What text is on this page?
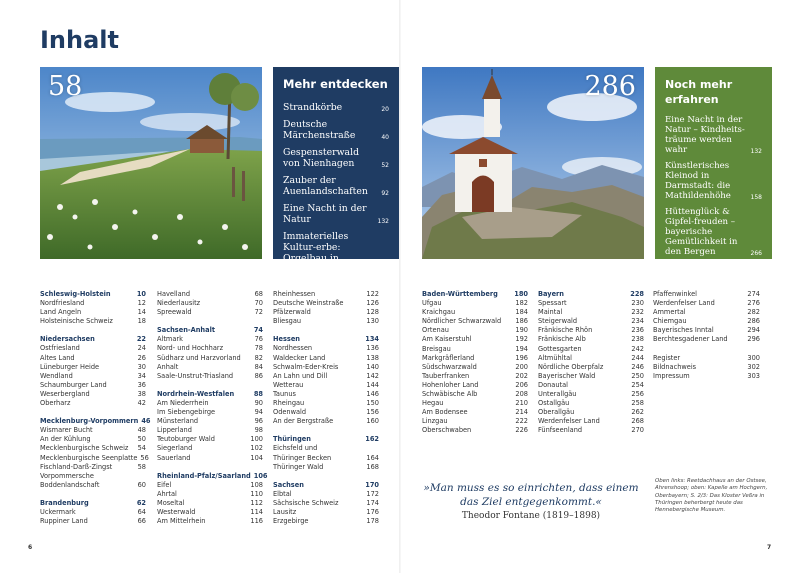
Inhalt
58	Mehr entdecken
Strandkörbe	20
Deutsche Märchenstraße	40
Gespensterwald von Nienhagen	52
Zauber der Auenlandschaften	92
Eine Nacht in der Natur	132
Immaterielles Kultur-erbe: Orgelbau in Deutschland	280
286	Noch mehr erfahren
Eine Nacht in der Natur – Kindheits-träume werden wahr	132
Künstlerisches Kleinod in Darmstadt: die Mathildenhöhe	158
Hüttenglück & Gipfel-freuden – bayerische Gemütlichkeit in den Bergen	266
Schleswig-Holstein	10
Nordfriesland	12
Land Angeln	14
Holsteinische Schweiz	18
Niedersachsen	22
Ostfriesland	24
Altes Land	26
Lüneburger Heide	30
Wendland	34
Schaumburger Land	36
Weserbergland	38
Oberharz	42
Mecklenburg-Vorpommern 46
Wismarer Bucht	48
An der Kühlung	50
Mecklenburgische Schweiz 54
Mecklenburgische Seenplatte 56
Fischland-Darß-Zingst	58
Vorpommersche
Boddenlandschaft	60
Brandenburg	62
Uckermark	64
Ruppiner Land	66
Havelland	68
Niederlausitz	70
Spreewald	72
Sachsen-Anhalt	74
Altmark	76
Nord- und Hochharz	78
Südharz und Harzvorland 82
Anhalt	84
Saale-Unstrut-Triasland	86
Nordrhein-Westfalen	88
Am Niederrhein	90
Im Siebengebirge	94
Münsterland	96
Lipperland	98
Teutoburger Wald	100
Siegerland	102
Sauerland	104
Rheinland-Pfalz/Saarland 106
Eifel	108
Ahrtal	110
Moseltal	112
Westerwald	114
Am Mittelrhein	116
Rheinhessen	122
Deutsche Weinstraße	126
Pfälzerwald	128
Bliesgau	130
Hessen	134
Nordhessen	136
Waldecker Land	138
Schwalm-Eder-Kreis	140
An Lahn und Dill	142
Wetterau	144
Taunus	146
Rheingau	150
Odenwald	156
An der Bergstraße	160
Thüringen	162
Eichsfeld und
Thüringer Becken	164
Thüringer Wald	168
Sachsen	170
Elbtal	172
Sächsische Schweiz	174
Lausitz	176
Erzgebirge	178
Baden-Württemberg 180
Ufgau	182
Kraichgau	184
Nördlicher Schwarzwald 186
Ortenau	190
Am Kaiserstuhl	192
Breisgau	194
Markgräflerland	196
Südschwarzwald	200
Tauberfranken	202
Hohenloher Land	206
Schwäbische Alb	208
Hegau	210
Am Bodensee	214
Linzgau	222
Oberschwaben	226
Bayern	228
Spessart	230
Maintal	232
Steigerwald	234
Fränkische Rhön	236
Fränkische Alb	238
Gottesgarten	242
Altmühltal	244
Nördliche Oberpfalz	246
Bayerischer Wald	250
Donautal	254
Unterallgäu	256
Ostallgäu	258
Oberallgäu	262
Werdenfelser Land	268
Fünfseenland	270
Pfaffenwinkel	274
Werdenfelser Land	276
Ammertal	282
Chiemgau	286
Bayerisches Inntal	294
Berchtesgadener Land	296
Register	300
Bildnachweis	302
Impressum	303
»Man muss es so einrichten, dass einem das Ziel entgegenkommt.«
Theodor Fontane (1819–1898)
Oben links: Reetdachhaus an der Ostsee, Ahrenshoop; oben: Kapelle am Hochgern, Oberbayern; S. 2/3: Das Kloster Veßra in Thüringen beherbergt heute das Hennebergische Museum.
6	7
